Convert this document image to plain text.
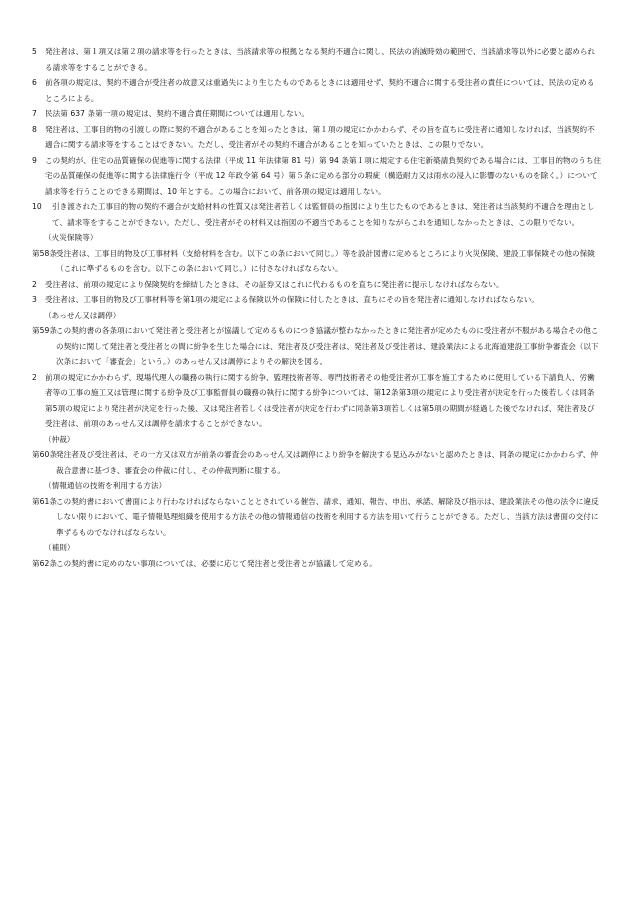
5	発注者は、第１項又は第２項の請求等を行ったときは、当該請求等の根拠となる契約不適合に関し、民法の消滅時効の範囲で、当該請求等以外に必要と認められる請求等をすることができる。
6	前各項の規定は、契約不適合が受注者の故意又は重過失により生じたものであるときには適用せず、契約不適合に関する受注者の責任については、民法の定めるところによる。
7	民法第 637 条第一項の規定は、契約不適合責任期間については適用しない。
8	発注者は、工事目的物の引渡しの際に契約不適合があることを知ったときは、第１項の規定にかかわらず、その旨を直ちに受注者に通知しなければ、当該契約不適合に関する請求等をすることはできない。ただし、受注者がその契約不適合があることを知っていたときは、この限りでない。
9	この契約が、住宅の品質確保の促進等に関する法律（平成 11 年法律第 81 号）第 94 条第１項に規定する住宅新築請負契約である場合には、工事目的物のうち住宅の品質確保の促進等に関する法律施行令（平成 12 年政令第 64 号）第５条に定める部分の瑕疵（構造耐力又は雨水の浸入に影響のないものを除く。）について請求等を行うことのできる期間は、10 年とする。この場合において、前各項の規定は適用しない。
10	引き渡された工事目的物の契約不適合が支給材料の性質又は発注者若しくは監督員の指図により生じたものであるときは、発注者は当該契約不適合を理由として、請求等をすることができない。ただし、受注者がその材料又は指図の不適当であることを知りながらこれを通知しなかったときは、この限りでない。
（火災保険等）
第58条
受注者は、工事目的物及び工事材料（支給材料を含む。以下この条において同じ。）等を設計図書に定めるところにより火災保険、建設工事保険その他の保険（これに準ずるものを含む。以下この条において同じ。）に付さなければならない。
2	受注者は、前項の規定により保険契約を締結したときは、その証券又はこれに代わるものを直ちに発注者に提示しなければならない。
3	受注者は、工事目的物及び工事材料等を第1項の規定による保険以外の保険に付したときは、直ちにその旨を発注者に通知しなければならない。
（あっせん又は調停）
第59条
この契約書の各条項において発注者と受注者とが協議して定めるものにつき協議が整わなかったときに発注者が定めたものに受注者が不服がある場合その他この契約に関して発注者と受注者との間に紛争を生じた場合には、発注者及び受注者は、発注者及び受注者は、建設業法による北海道建設工事紛争審査会（以下次条において「審査会」という。）のあっせん又は調停によりその解決を図る。
2	前項の規定にかかわらず、現場代理人の職務の執行に関する紛争、監理技術者等、専門技術者その他受注者が工事を施工するために使用している下請負人、労働者等の工事の施工又は管理に関する紛争及び工事監督員の職務の執行に関する紛争については、第12条第3項の規定により受注者が決定を行った後若しくは同条第5項の規定により発注者が決定を行った後、又は発注者若しくは受注者が決定を行わずに同条第3項若しくは第5項の期間が経過した後でなければ、発注者及び受注者は、前項のあっせん又は調停を請求することができない。
（仲裁）
第60条
発注者及び受注者は、その一方又は双方が前条の審査会のあっせん又は調停により紛争を解決する見込みがないと認めたときは、同条の規定にかかわらず、仲裁合意書に基づき、審査会の仲裁に付し、その仲裁判断に服する。
（情報通信の技術を利用する方法）
第61条
この契約書において書面により行わなければならないこととされている催告、請求、通知、報告、申出、承諾、解除及び指示は、建設業法その他の法令に違反しない限りにおいて、電子情報処理組織を使用する方法その他の情報通信の技術を利用する方法を用いて行うことができる。ただし、当該方法は書面の交付に準ずるものでなければならない。
（補則）
第62条
この契約書に定めのない事項については、必要に応じて発注者と受注者とが協議して定める。
